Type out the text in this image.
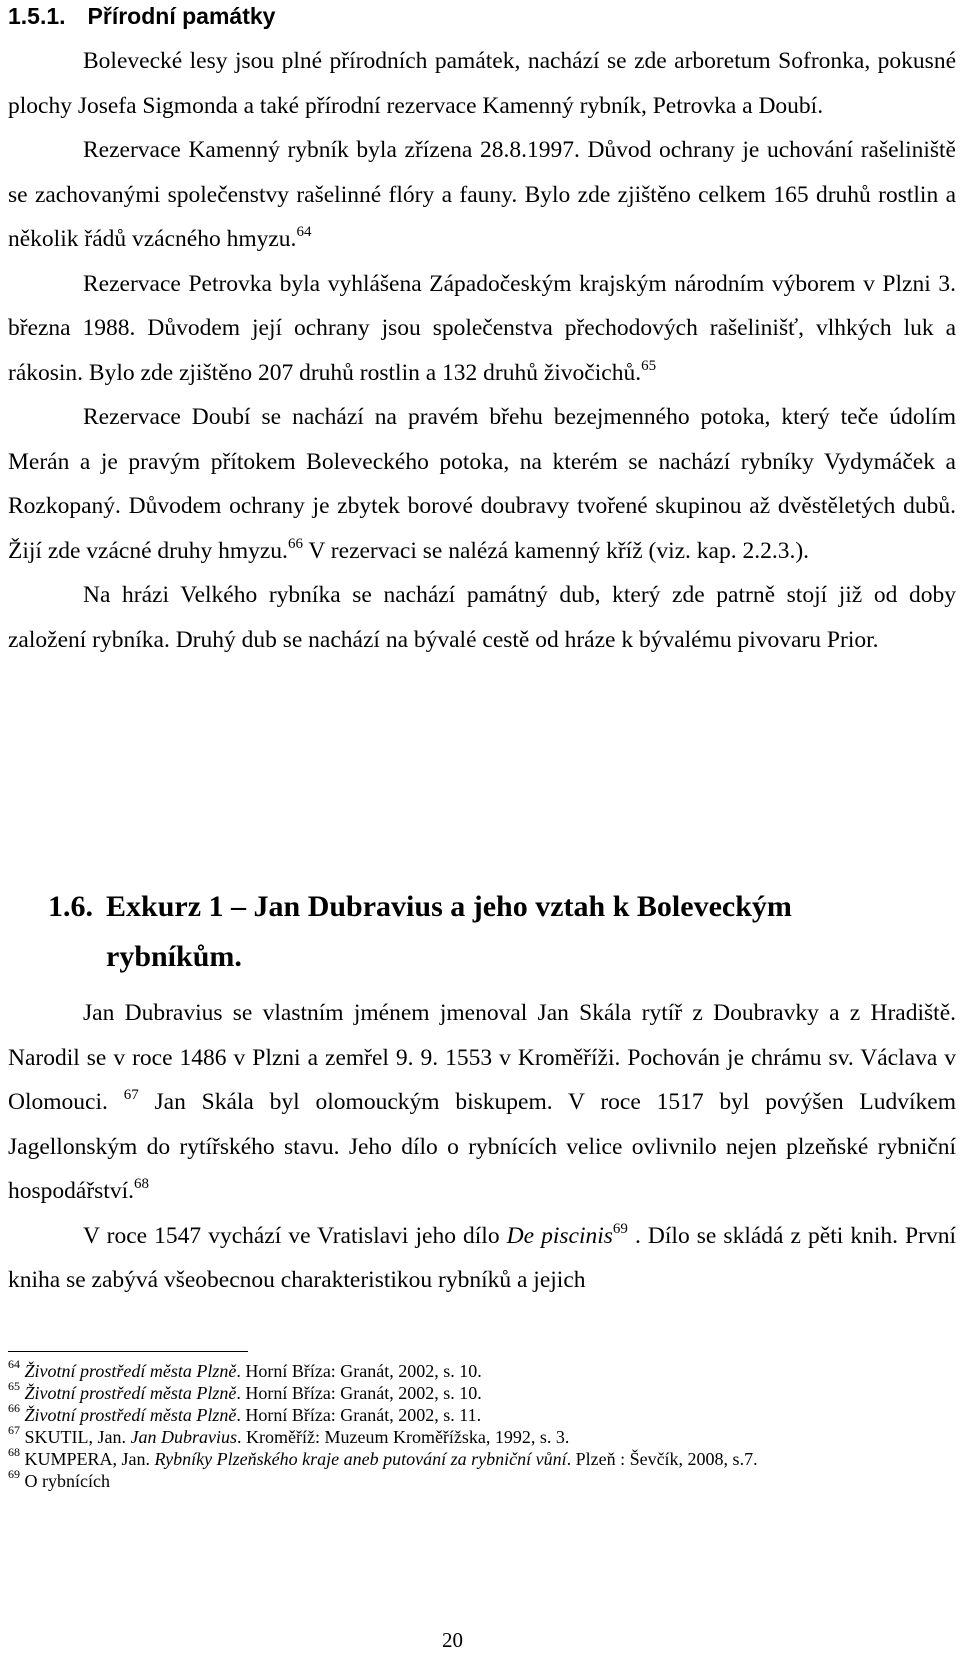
1.5.1. Přírodní památky

Bolevecké lesy jsou plné přírodních památek, nachází se zde arboretum Sofronka, pokusné plochy Josefa Sigmonda a také přírodní rezervace Kamenný rybník, Petrovka a Doubí.

Rezervace Kamenný rybník byla zřízena 28.8.1997. Důvod ochrany je uchování rašeliniště se zachovanými společenstvy rašelinné flóry a fauny. Bylo zde zjištěno celkem 165 druhů rostlin a několik řádů vzácného hmyzu.$^{64}$

Rezervace Petrovka byla vyhlášena Západočeským krajským národním výborem v Plzni 3. března 1988. Důvodem její ochrany jsou společenstva přechodových rašelinišť, vlhkých luk a rákosin. Bylo zde zjištěno 207 druhů rostlin a 132 druhů živočichů.$^{65}$

Rezervace Doubí se nachází na pravém břehu bezejmenného potoka, který teče údolím Merán a je pravým přítokem Boleveckého potoka, na kterém se nachází rybníky Vydymáček a Rozkopaný. Důvodem ochrany je zbytek borové doubravy tvořené skupinou až dvěstěletých dubů. Žijí zde vzácné druhy hmyzu.$^{66}$ V rezervaci se nalézá kamenný kříž (viz. kap. 2.2.3.).

Na hrázi Velkého rybníka se nachází památný dub, který zde patrně stojí již od doby založení rybníka. Druhý dub se nachází na bývalé cestě od hráze k bývalému pivovaru Prior.

1.6. Exkurz 1 – Jan Dubravius a jeho vztah k Boleveckým
rybníkům.

Jan Dubravius se vlastním jménem jmenoval Jan Skála rytíř z Doubravky a z Hradiště. Narodil se v roce 1486 v Plzni a zemřel 9. 9. 1553 v Kroměříži. Pochován je chrámu sv. Václava v Olomouci. $^{67}$ Jan Skála byl olomouckým biskupem. V roce 1517 byl povýšen Ludvíkem Jagellonským do rytířského stavu. Jeho dílo o rybnících velice ovlivnilo nejen plzeňské rybniční hospodářství.$^{68}$

V roce 1547 vychází ve Vratislavi jeho dílo De piscinis$^{69}$ . Dílo se skládá z pěti knih. První kniha se zabývá všeobecnou charakteristikou rybníků a jejich

$^{64}$ Životní prostředí města Plzně. Horní Bříza: Granát, 2002, s. 10.
$^{65}$ Životní prostředí města Plzně. Horní Bříza: Granát, 2002, s. 10.
$^{66}$ Životní prostředí města Plzně. Horní Bříza: Granát, 2002, s. 11.
$^{67}$ SKUTIL, Jan. Jan Dubravius. Kroměříž: Muzeum Kroměřížska, 1992, s. 3.
$^{68}$ KUMPERA, Jan. Rybníky Plzeňského kraje aneb putování za rybniční vůní. Plzeň : Ševčík, 2008, s.7.
$^{69}$ O rybnících
20
